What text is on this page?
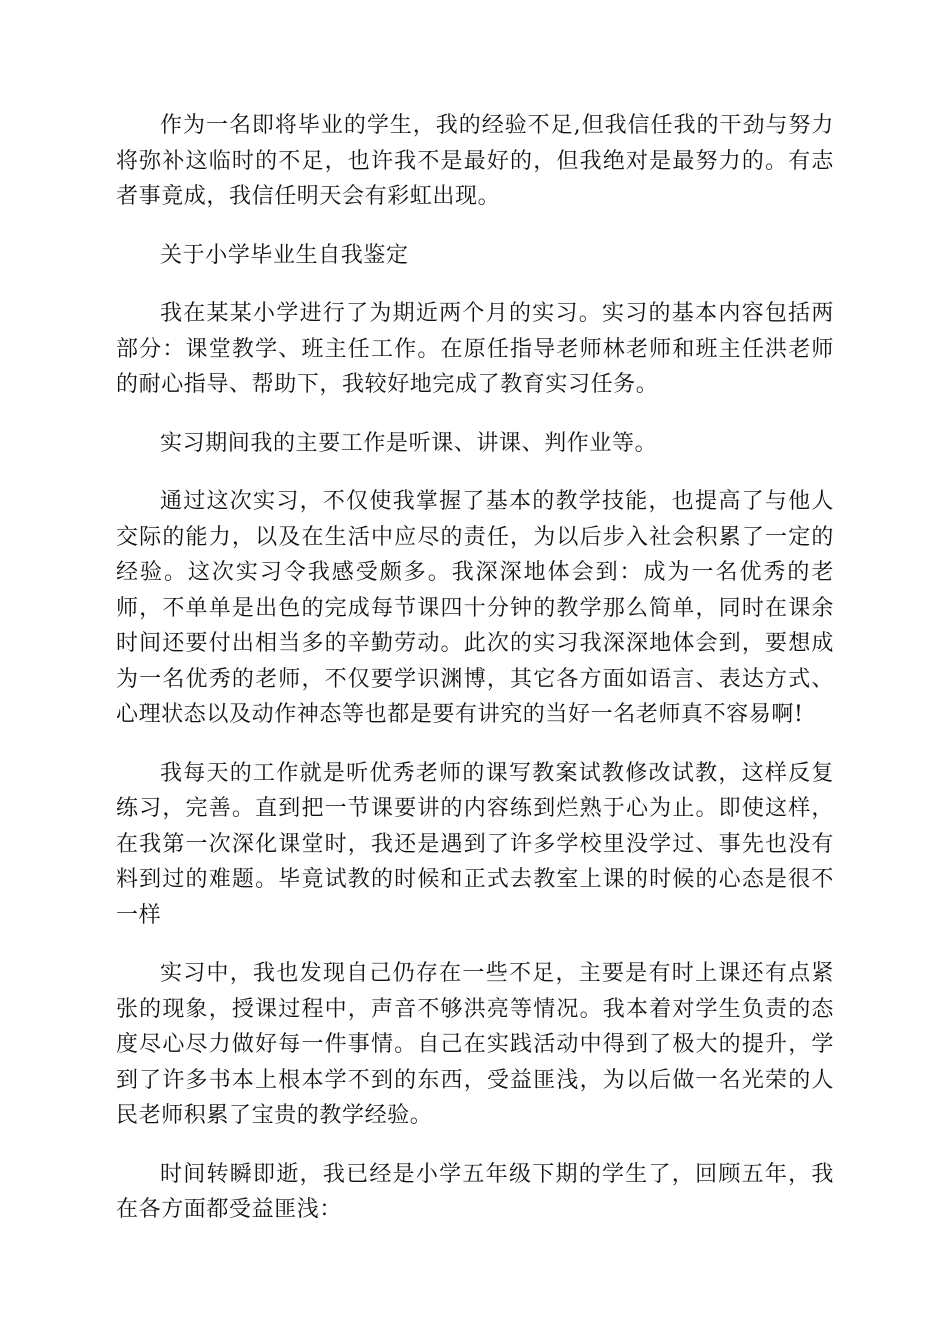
作为一名即将毕业的学生，我的经验不足,但我信任我的干劲与努力将弥补这临时的不足，也许我不是最好的，但我绝对是最努力的。有志者事竟成，我信任明天会有彩虹出现。

关于小学毕业生自我鉴定

我在某某小学进行了为期近两个月的实习。实习的基本内容包括两部分：课堂教学、班主任工作。在原任指导老师林老师和班主任洪老师的耐心指导、帮助下，我较好地完成了教育实习任务。

实习期间我的主要工作是听课、讲课、判作业等。

通过这次实习，不仅使我掌握了基本的教学技能，也提高了与他人交际的能力，以及在生活中应尽的责任，为以后步入社会积累了一定的经验。这次实习令我感受颇多。我深深地体会到：成为一名优秀的老师，不单单是出色的完成每节课四十分钟的教学那么简单，同时在课余时间还要付出相当多的辛勤劳动。此次的实习我深深地体会到，要想成为一名优秀的老师，不仅要学识渊博，其它各方面如语言、表达方式、心理状态以及动作神态等也都是要有讲究的当好一名老师真不容易啊!

我每天的工作就是听优秀老师的课写教案试教修改试教，这样反复练习，完善。直到把一节课要讲的内容练到烂熟于心为止。即使这样，在我第一次深化课堂时，我还是遇到了许多学校里没学过、事先也没有料到过的难题。毕竟试教的时候和正式去教室上课的时候的心态是很不一样

实习中，我也发现自己仍存在一些不足，主要是有时上课还有点紧张的现象，授课过程中，声音不够洪亮等情况。我本着对学生负责的态度尽心尽力做好每一件事情。自己在实践活动中得到了极大的提升，学到了许多书本上根本学不到的东西，受益匪浅，为以后做一名光荣的人民老师积累了宝贵的教学经验。

时间转瞬即逝，我已经是小学五年级下期的学生了，回顾五年，我在各方面都受益匪浅：
